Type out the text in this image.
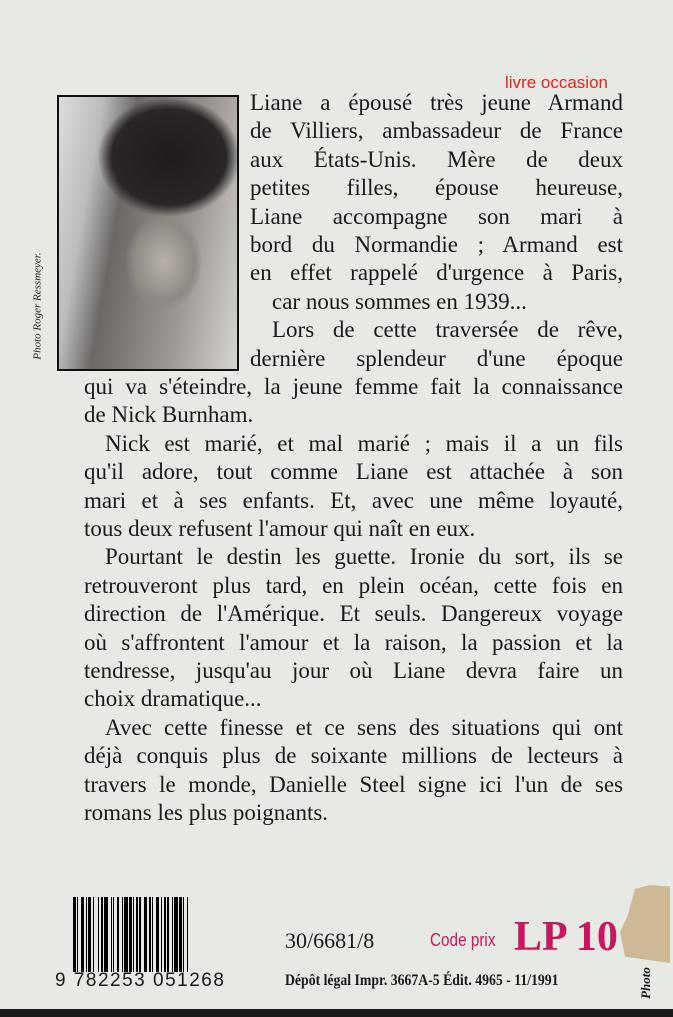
livre occasion
Photo Roger Ressmeyer.
Liane a épousé très jeune Armand
de Villiers, ambassadeur de France
aux États-Unis. Mère de deux
petites filles, épouse heureuse,
Liane accompagne son mari à
bord du Normandie ; Armand est
en effet rappelé d'urgence à Paris,
car nous sommes en 1939...
Lors de cette traversée de rêve,
dernière splendeur d'une époque
qui va s'éteindre, la jeune femme fait la connaissance
de Nick Burnham.
Nick est marié, et mal marié ; mais il a un fils
qu'il adore, tout comme Liane est attachée à son
mari et à ses enfants. Et, avec une même loyauté,
tous deux refusent l'amour qui naît en eux.
Pourtant le destin les guette. Ironie du sort, ils se
retrouveront plus tard, en plein océan, cette fois en
direction de l'Amérique. Et seuls. Dangereux voyage
où s'affrontent l'amour et la raison, la passion et la
tendresse, jusqu'au jour où Liane devra faire un
choix dramatique...
Avec cette finesse et ce sens des situations qui ont
déjà conquis plus de soixante millions de lecteurs à
travers le monde, Danielle Steel signe ici l'un de ses
romans les plus poignants.
9 782253 051268
30/6681/8	Code prix LP 10
Dépôt légal Impr. 3667A-5 Édit. 4965 - 11/1991	Photo
